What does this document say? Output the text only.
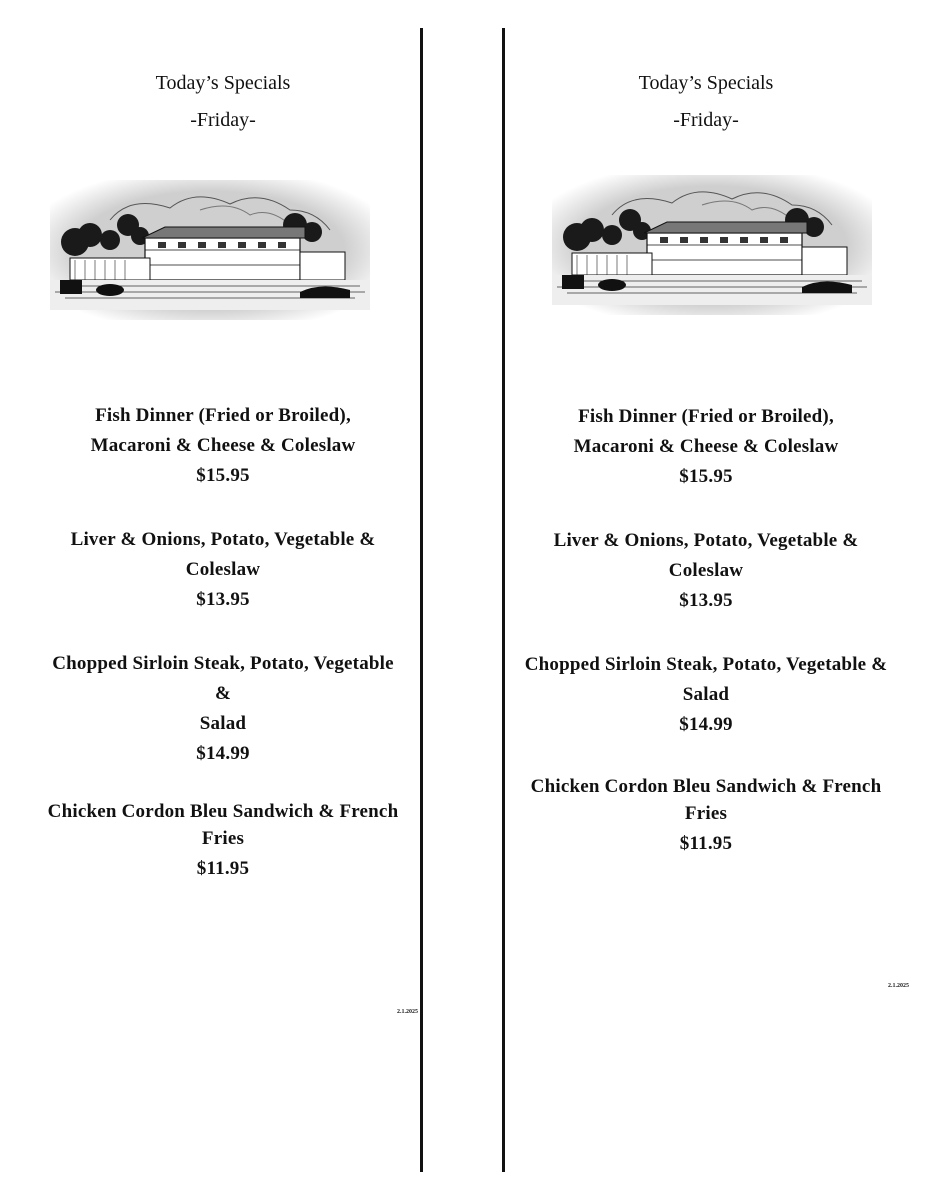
Today’s Specials
-Friday-
Fish Dinner (Fried or Broiled),
Macaroni & Cheese & Coleslaw
$15.95
Liver & Onions, Potato, Vegetable &
Coleslaw
$13.95
Chopped Sirloin Steak, Potato, Vegetable
&
Salad
$14.99
Chicken Cordon Bleu Sandwich & French
Fries
$11.95
2.1.2025
Today’s Specials
-Friday-
Fish Dinner (Fried or Broiled),
Macaroni & Cheese & Coleslaw
$15.95
Liver & Onions, Potato, Vegetable &
Coleslaw
$13.95
Chopped Sirloin Steak, Potato, Vegetable &
Salad
$14.99
Chicken Cordon Bleu Sandwich & French
Fries
$11.95
2.1.2025
